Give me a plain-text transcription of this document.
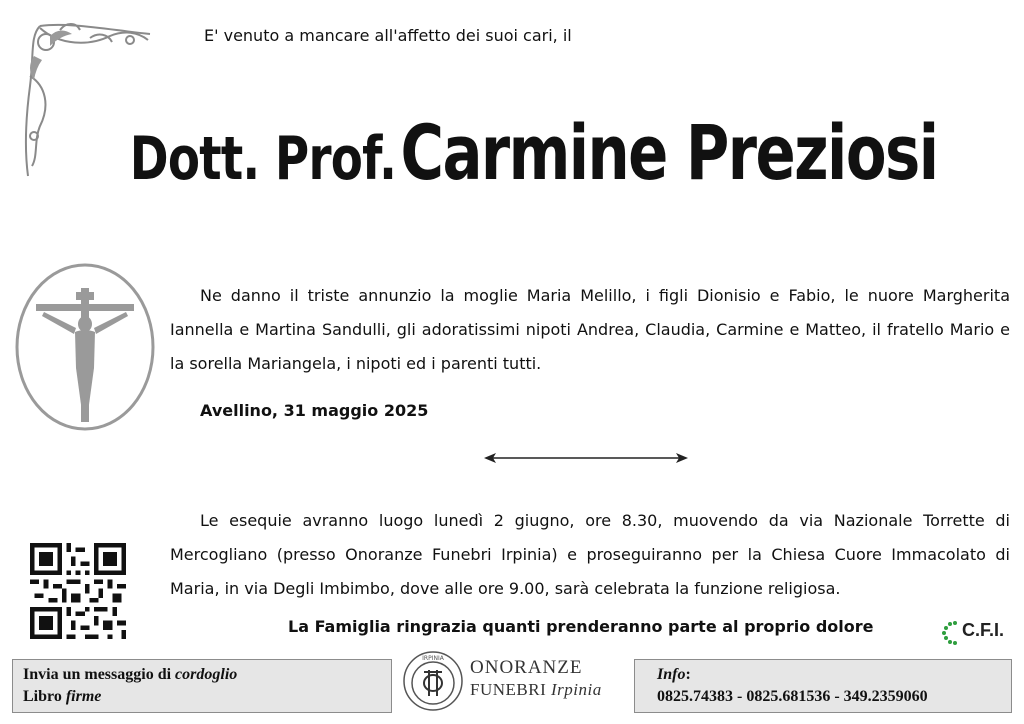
E' venuto a mancare all'affetto dei suoi cari, il
Dott. Prof. Carmine Preziosi
Ne danno il triste annunzio la moglie Maria Melillo, i figli Dionisio e Fabio, le nuore Margherita Iannella e Martina Sandulli, gli adoratissimi nipoti Andrea, Claudia, Carmine e Matteo, il fratello Mario e la sorella Mariangela, i nipoti ed i parenti tutti.
Avellino, 31 maggio 2025
Le esequie avranno luogo lunedì 2 giugno, ore 8.30, muovendo da via Nazionale Torrette di Mercogliano (presso Onoranze Funebri Irpinia) e proseguiranno per la Chiesa Cuore Immacolato di Maria, in via Degli Imbimbo, dove alle ore 9.00, sarà celebrata la funzione religiosa.
La Famiglia ringrazia quanti prenderanno parte al proprio dolore	C.F.I.
Invia un messaggio di cordoglio
Libro firme
IRPINIA ONORANZE
FUNEBRI Irpinia
Info:
0825.74383 - 0825.681536 - 349.2359060
